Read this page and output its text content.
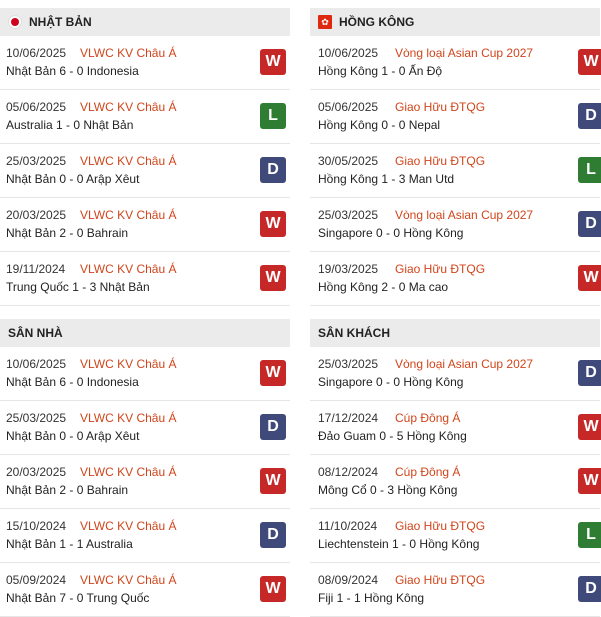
NHẬT BẢN
10/06/2025 VLWC KV Châu Á
Nhật Bản 6 - 0 Indonesia
W
05/06/2025 VLWC KV Châu Á
Australia 1 - 0 Nhật Bản
L
25/03/2025 VLWC KV Châu Á
Nhật Bản 0 - 0 Arập Xêut
D
20/03/2025 VLWC KV Châu Á
Nhật Bản 2 - 0 Bahrain
W
19/11/2024 VLWC KV Châu Á
Trung Quốc 1 - 3 Nhật Bản
W
SÂN NHÀ
10/06/2025 VLWC KV Châu Á
Nhật Bản 6 - 0 Indonesia
W
25/03/2025 VLWC KV Châu Á
Nhật Bản 0 - 0 Arập Xêut
D
20/03/2025 VLWC KV Châu Á
Nhật Bản 2 - 0 Bahrain
W
15/10/2024 VLWC KV Châu Á
Nhật Bản 1 - 1 Australia
D
05/09/2024 VLWC KV Châu Á
Nhật Bản 7 - 0 Trung Quốc
W
✿ HỒNG KÔNG
10/06/2025 Vòng loại Asian Cup 2027
Hồng Kông 1 - 0 Ấn Độ
W
05/06/2025 Giao Hữu ĐTQG
Hồng Kông 0 - 0 Nepal
D
30/05/2025 Giao Hữu ĐTQG
Hồng Kông 1 - 3 Man Utd
L
25/03/2025 Vòng loại Asian Cup 2027
Singapore 0 - 0 Hồng Kông
D
19/03/2025 Giao Hữu ĐTQG
Hồng Kông 2 - 0 Ma cao
W
SÂN KHÁCH
25/03/2025 Vòng loại Asian Cup 2027
Singapore 0 - 0 Hồng Kông
D
17/12/2024 Cúp Đông Á
Đảo Guam 0 - 5 Hồng Kông
W
08/12/2024 Cúp Đông Á
Mông Cổ 0 - 3 Hồng Kông
W
11/10/2024 Giao Hữu ĐTQG
Liechtenstein 1 - 0 Hồng Kông
L
08/09/2024 Giao Hữu ĐTQG
Fiji 1 - 1 Hồng Kông
D
